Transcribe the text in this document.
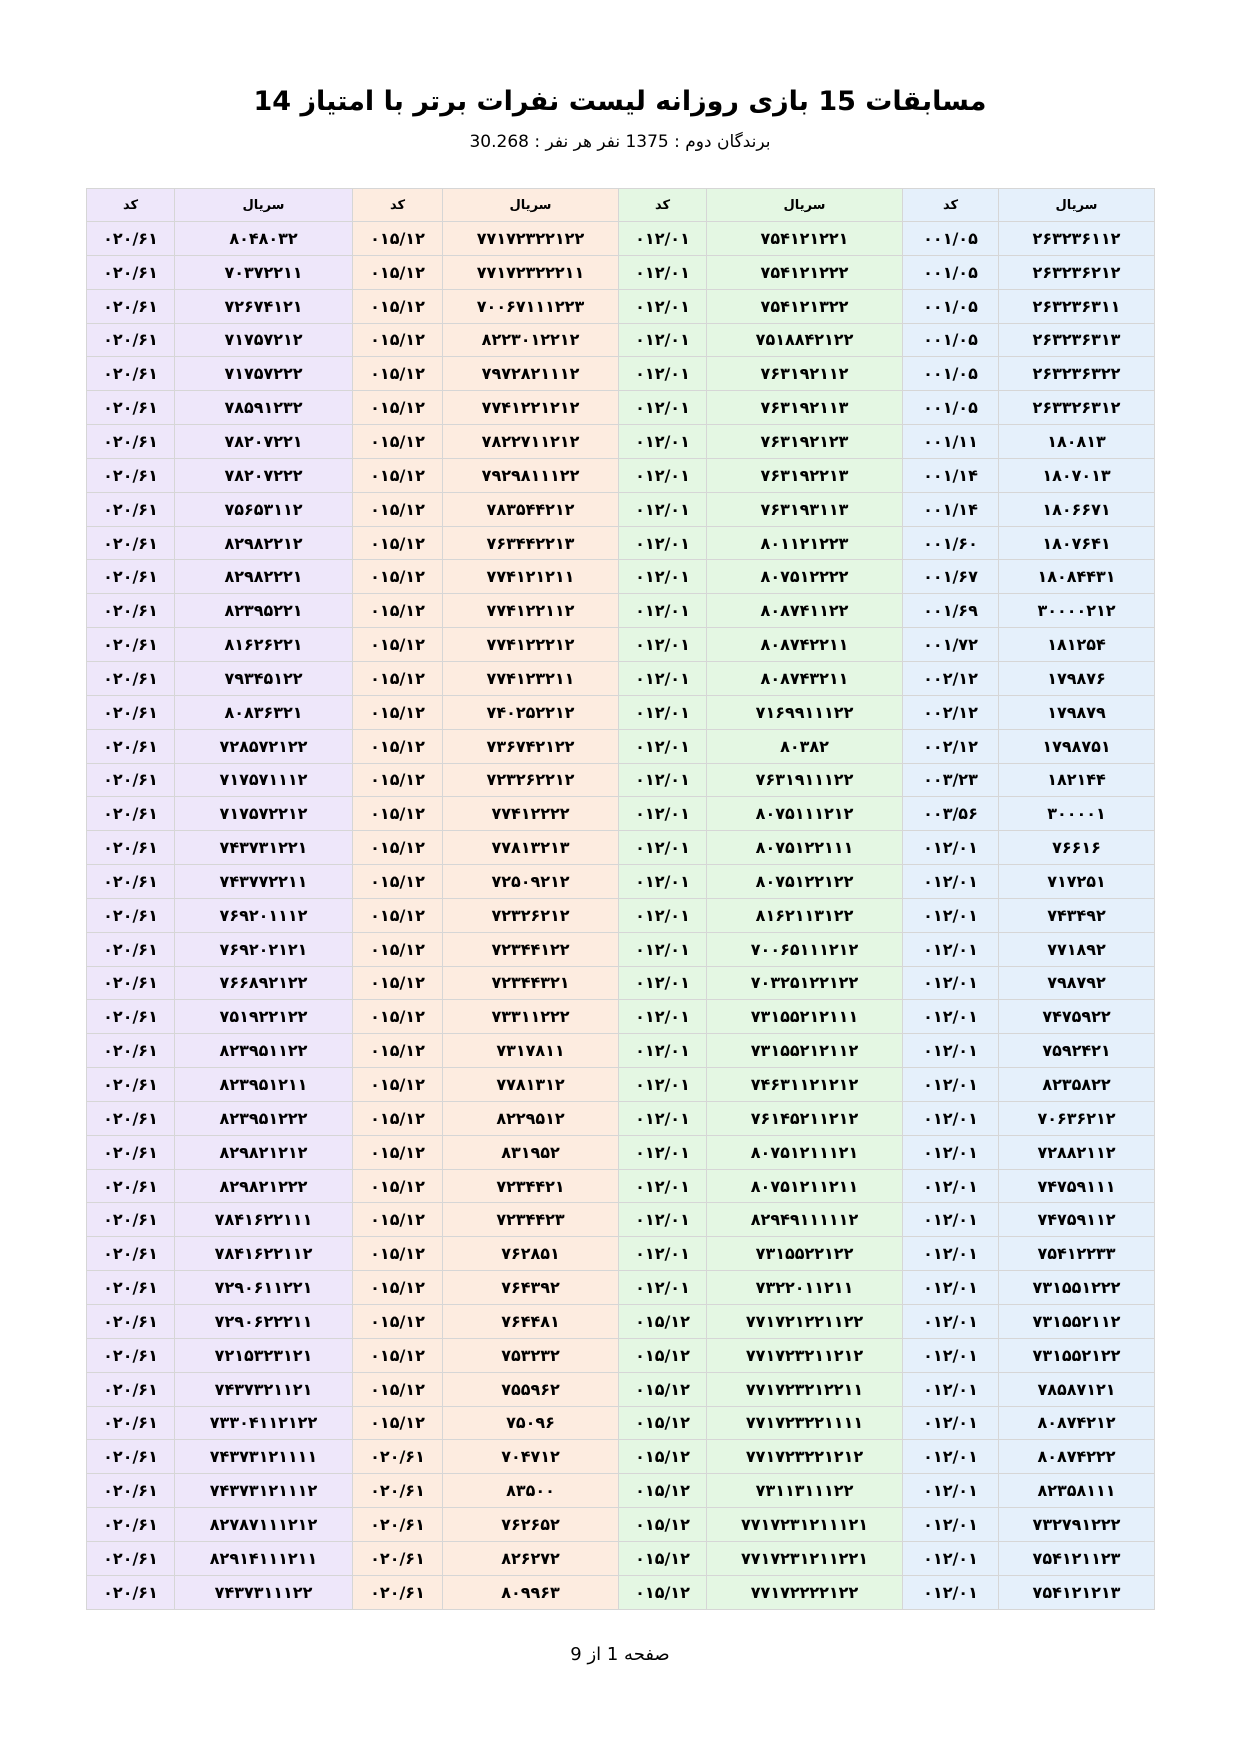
مسابقات 15 بازی روزانه لیست نفرات برتر با امتیاز 14
برندگان دوم : 1375 نفر هر نفر : 30.268
سریال	کد	سریال	کد	سریال	کد	سریال	کد
۲۶۳۲۳۶۱۱۲	۰۰۱/۰۵	۷۵۴۱۲۱۲۲۱	۰۱۲/۰۱	۷۷۱۷۲۳۲۲۱۲۲	۰۱۵/۱۲	۸۰۴۸۰۳۲	۰۲۰/۶۱
۲۶۳۲۳۶۲۱۲	۰۰۱/۰۵	۷۵۴۱۲۱۲۲۲	۰۱۲/۰۱	۷۷۱۷۲۳۲۲۲۱۱	۰۱۵/۱۲	۷۰۳۷۲۲۱۱	۰۲۰/۶۱
۲۶۳۲۳۶۳۱۱	۰۰۱/۰۵	۷۵۴۱۲۱۳۲۲	۰۱۲/۰۱	۷۰۰۶۷۱۱۱۲۲۳	۰۱۵/۱۲	۷۲۶۷۴۱۲۱	۰۲۰/۶۱
۲۶۳۲۳۶۳۱۳	۰۰۱/۰۵	۷۵۱۸۸۴۲۱۲۲	۰۱۲/۰۱	۸۲۲۳۰۱۲۲۱۲	۰۱۵/۱۲	۷۱۷۵۷۲۱۲	۰۲۰/۶۱
۲۶۳۲۳۶۳۲۲	۰۰۱/۰۵	۷۶۳۱۹۲۱۱۲	۰۱۲/۰۱	۷۹۷۲۸۲۱۱۱۲	۰۱۵/۱۲	۷۱۷۵۷۲۲۲	۰۲۰/۶۱
۲۶۳۳۲۶۳۱۲	۰۰۱/۰۵	۷۶۳۱۹۲۱۱۳	۰۱۲/۰۱	۷۷۴۱۲۲۱۲۱۲	۰۱۵/۱۲	۷۸۵۹۱۲۳۲	۰۲۰/۶۱
۱۸۰۸۱۳	۰۰۱/۱۱	۷۶۳۱۹۲۱۲۳	۰۱۲/۰۱	۷۸۲۲۷۱۱۲۱۲	۰۱۵/۱۲	۷۸۲۰۷۲۲۱	۰۲۰/۶۱
۱۸۰۷۰۱۳	۰۰۱/۱۴	۷۶۳۱۹۲۲۱۳	۰۱۲/۰۱	۷۹۲۹۸۱۱۱۲۲	۰۱۵/۱۲	۷۸۲۰۷۲۲۲	۰۲۰/۶۱
۱۸۰۶۶۷۱	۰۰۱/۱۴	۷۶۳۱۹۳۱۱۳	۰۱۲/۰۱	۷۸۳۵۴۴۲۱۲	۰۱۵/۱۲	۷۵۶۵۳۱۱۲	۰۲۰/۶۱
۱۸۰۷۶۴۱	۰۰۱/۶۰	۸۰۱۱۲۱۲۲۳	۰۱۲/۰۱	۷۶۳۴۴۲۲۱۳	۰۱۵/۱۲	۸۲۹۸۲۲۱۲	۰۲۰/۶۱
۱۸۰۸۴۴۳۱	۰۰۱/۶۷	۸۰۷۵۱۲۲۲۲	۰۱۲/۰۱	۷۷۴۱۲۱۲۱۱	۰۱۵/۱۲	۸۲۹۸۲۲۲۱	۰۲۰/۶۱
۳۰۰۰۰۲۱۲	۰۰۱/۶۹	۸۰۸۷۴۱۱۲۲	۰۱۲/۰۱	۷۷۴۱۲۲۱۱۲	۰۱۵/۱۲	۸۲۳۹۵۲۲۱	۰۲۰/۶۱
۱۸۱۲۵۴	۰۰۱/۷۲	۸۰۸۷۴۲۲۱۱	۰۱۲/۰۱	۷۷۴۱۲۲۲۱۲	۰۱۵/۱۲	۸۱۶۲۶۲۲۱	۰۲۰/۶۱
۱۷۹۸۷۶	۰۰۲/۱۲	۸۰۸۷۴۳۲۱۱	۰۱۲/۰۱	۷۷۴۱۲۳۲۱۱	۰۱۵/۱۲	۷۹۳۴۵۱۲۲	۰۲۰/۶۱
۱۷۹۸۷۹	۰۰۲/۱۲	۷۱۶۹۹۱۱۱۲۲	۰۱۲/۰۱	۷۴۰۲۵۲۲۱۲	۰۱۵/۱۲	۸۰۸۳۶۳۲۱	۰۲۰/۶۱
۱۷۹۸۷۵۱	۰۰۲/۱۲	۸۰۳۸۲	۰۱۲/۰۱	۷۳۶۷۴۲۱۲۲	۰۱۵/۱۲	۷۲۸۵۷۲۱۲۲	۰۲۰/۶۱
۱۸۲۱۴۴	۰۰۳/۲۳	۷۶۳۱۹۱۱۱۲۲	۰۱۲/۰۱	۷۲۳۲۶۲۲۱۲	۰۱۵/۱۲	۷۱۷۵۷۱۱۱۲	۰۲۰/۶۱
۳۰۰۰۰۱	۰۰۳/۵۶	۸۰۷۵۱۱۱۲۱۲	۰۱۲/۰۱	۷۷۴۱۲۲۲۲	۰۱۵/۱۲	۷۱۷۵۷۲۲۱۲	۰۲۰/۶۱
۷۶۶۱۶	۰۱۲/۰۱	۸۰۷۵۱۲۲۱۱۱	۰۱۲/۰۱	۷۷۸۱۳۲۱۳	۰۱۵/۱۲	۷۴۳۷۳۱۲۲۱	۰۲۰/۶۱
۷۱۷۲۵۱	۰۱۲/۰۱	۸۰۷۵۱۲۲۱۲۲	۰۱۲/۰۱	۷۲۵۰۹۲۱۲	۰۱۵/۱۲	۷۴۳۷۷۲۲۱۱	۰۲۰/۶۱
۷۴۳۴۹۲	۰۱۲/۰۱	۸۱۶۲۱۱۳۱۲۲	۰۱۲/۰۱	۷۲۳۲۶۲۱۲	۰۱۵/۱۲	۷۶۹۲۰۱۱۱۲	۰۲۰/۶۱
۷۷۱۸۹۲	۰۱۲/۰۱	۷۰۰۶۵۱۱۱۲۱۲	۰۱۲/۰۱	۷۲۳۴۴۱۲۲	۰۱۵/۱۲	۷۶۹۲۰۲۱۲۱	۰۲۰/۶۱
۷۹۸۷۹۲	۰۱۲/۰۱	۷۰۳۲۵۱۲۲۱۲۲	۰۱۲/۰۱	۷۲۳۴۴۳۲۱	۰۱۵/۱۲	۷۶۶۸۹۲۱۲۲	۰۲۰/۶۱
۷۴۷۵۹۲۲	۰۱۲/۰۱	۷۳۱۵۵۲۱۲۱۱۱	۰۱۲/۰۱	۷۳۳۱۱۲۲۲	۰۱۵/۱۲	۷۵۱۹۲۲۱۲۲	۰۲۰/۶۱
۷۵۹۲۴۲۱	۰۱۲/۰۱	۷۳۱۵۵۲۱۲۱۱۲	۰۱۲/۰۱	۷۳۱۷۸۱۱	۰۱۵/۱۲	۸۲۳۹۵۱۱۲۲	۰۲۰/۶۱
۸۲۳۵۸۲۲	۰۱۲/۰۱	۷۴۶۳۱۱۲۱۲۱۲	۰۱۲/۰۱	۷۷۸۱۳۱۲	۰۱۵/۱۲	۸۲۳۹۵۱۲۱۱	۰۲۰/۶۱
۷۰۶۳۶۲۱۲	۰۱۲/۰۱	۷۶۱۴۵۲۱۱۲۱۲	۰۱۲/۰۱	۸۲۲۹۵۱۲	۰۱۵/۱۲	۸۲۳۹۵۱۲۲۲	۰۲۰/۶۱
۷۲۸۸۲۱۱۲	۰۱۲/۰۱	۸۰۷۵۱۲۱۱۱۲۱	۰۱۲/۰۱	۸۳۱۹۵۲	۰۱۵/۱۲	۸۲۹۸۲۱۲۱۲	۰۲۰/۶۱
۷۴۷۵۹۱۱۱	۰۱۲/۰۱	۸۰۷۵۱۲۱۱۲۱۱	۰۱۲/۰۱	۷۲۳۴۴۲۱	۰۱۵/۱۲	۸۲۹۸۲۱۲۲۲	۰۲۰/۶۱
۷۴۷۵۹۱۱۲	۰۱۲/۰۱	۸۲۹۴۹۱۱۱۱۱۲	۰۱۲/۰۱	۷۲۳۴۴۲۳	۰۱۵/۱۲	۷۸۴۱۶۲۲۱۱۱	۰۲۰/۶۱
۷۵۴۱۲۲۳۳	۰۱۲/۰۱	۷۳۱۵۵۲۲۱۲۲	۰۱۲/۰۱	۷۶۲۸۵۱	۰۱۵/۱۲	۷۸۴۱۶۲۲۱۱۲	۰۲۰/۶۱
۷۳۱۵۵۱۲۲۲	۰۱۲/۰۱	۷۳۲۲۰۱۱۲۱۱	۰۱۲/۰۱	۷۶۴۳۹۲	۰۱۵/۱۲	۷۲۹۰۶۱۱۲۲۱	۰۲۰/۶۱
۷۳۱۵۵۲۱۱۲	۰۱۲/۰۱	۷۷۱۷۲۱۲۲۱۱۲۲	۰۱۵/۱۲	۷۶۴۴۸۱	۰۱۵/۱۲	۷۲۹۰۶۲۲۲۱۱	۰۲۰/۶۱
۷۳۱۵۵۲۱۲۲	۰۱۲/۰۱	۷۷۱۷۲۳۲۱۱۲۱۲	۰۱۵/۱۲	۷۵۳۲۳۲	۰۱۵/۱۲	۷۲۱۵۳۲۳۱۲۱	۰۲۰/۶۱
۷۸۵۸۷۱۲۱	۰۱۲/۰۱	۷۷۱۷۲۳۲۱۲۲۱۱	۰۱۵/۱۲	۷۵۵۹۶۲	۰۱۵/۱۲	۷۴۳۷۳۲۱۱۲۱	۰۲۰/۶۱
۸۰۸۷۴۲۱۲	۰۱۲/۰۱	۷۷۱۷۲۳۲۲۱۱۱۱	۰۱۵/۱۲	۷۵۰۹۶	۰۱۵/۱۲	۷۳۳۰۴۱۱۲۱۲۲	۰۲۰/۶۱
۸۰۸۷۴۲۲۲	۰۱۲/۰۱	۷۷۱۷۲۳۲۲۱۲۱۲	۰۱۵/۱۲	۷۰۴۷۱۲	۰۲۰/۶۱	۷۴۳۷۳۱۲۱۱۱۱	۰۲۰/۶۱
۸۲۳۵۸۱۱۱	۰۱۲/۰۱	۷۳۱۱۳۱۱۱۲۲	۰۱۵/۱۲	۸۳۵۰۰	۰۲۰/۶۱	۷۴۳۷۳۱۲۱۱۱۲	۰۲۰/۶۱
۷۳۲۷۹۱۲۲۲	۰۱۲/۰۱	۷۷۱۷۲۳۱۲۱۱۱۲۱	۰۱۵/۱۲	۷۶۲۶۵۲	۰۲۰/۶۱	۸۲۷۸۷۱۱۱۲۱۲	۰۲۰/۶۱
۷۵۴۱۲۱۱۲۳	۰۱۲/۰۱	۷۷۱۷۲۳۱۲۱۱۲۲۱	۰۱۵/۱۲	۸۲۶۲۷۲	۰۲۰/۶۱	۸۲۹۱۴۱۱۱۲۱۱	۰۲۰/۶۱
۷۵۴۱۲۱۲۱۳	۰۱۲/۰۱	۷۷۱۷۲۲۲۲۱۲۲	۰۱۵/۱۲	۸۰۹۹۶۳	۰۲۰/۶۱	۷۴۳۷۳۱۱۱۲۲	۰۲۰/۶۱
صفحه 1 از 9
